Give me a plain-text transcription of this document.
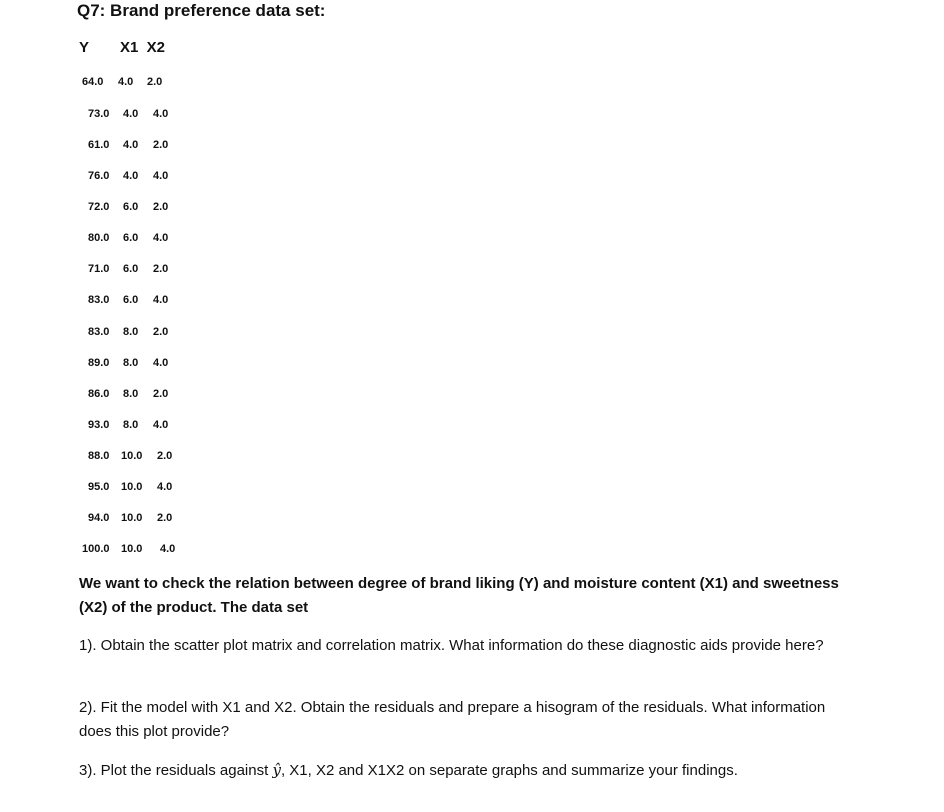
Q7: Brand preference data set:
Y X1  X2
64.0 4.0 2.0
73.0 4.0 4.0
61.0 4.0 2.0
76.0 4.0 4.0
72.0 6.0 2.0
80.0 6.0 4.0
71.0 6.0 2.0
83.0 6.0 4.0
83.0 8.0 2.0
89.0 8.0 4.0
86.0 8.0 2.0
93.0 8.0 4.0
88.0 10.0 2.0
95.0 10.0 4.0
94.0 10.0 2.0
100.0 10.0 4.0
We want to check the relation between degree of brand liking (Y) and moisture content (X1) and sweetness (X2) of the product. The data set
1). Obtain the scatter plot matrix and correlation matrix. What information do these diagnostic aids provide here?
2). Fit the model with X1 and X2. Obtain the residuals and prepare a hisogram of the residuals. What information does this plot provide?
3). Plot the residuals against ŷ, X1, X2 and X1X2 on separate graphs and summarize your findings.
